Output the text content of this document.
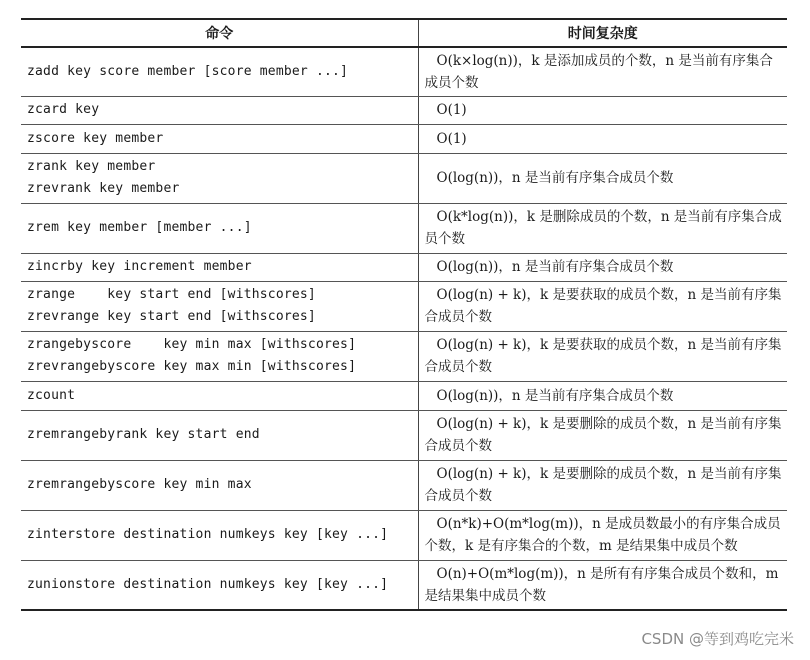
命令	时间复杂度
zadd key score member [score member ...]	O(k×log(n))，k 是添加成员的个数，n 是当前有序集合成员个数

zcard key	O(1)

zscore key member	O(1)

zrank key member
zrevrank key member	O(log(n))，n 是当前有序集合成员个数

zrem key member [member ...]	O(k*log(n))，k 是删除成员的个数，n 是当前有序集合成员个数

zincrby key increment member	O(log(n))，n 是当前有序集合成员个数

zrange    key start end [withscores]
zrevrange key start end [withscores]	O(log(n) + k)，k 是要获取的成员个数，n 是当前有序集合成员个数

zrangebyscore    key min max [withscores]
zrevrangebyscore key max min [withscores]	O(log(n) + k)，k 是要获取的成员个数，n 是当前有序集合成员个数

zcount	O(log(n))，n 是当前有序集合成员个数

zremrangebyrank key start end	O(log(n) + k)，k 是要删除的成员个数，n 是当前有序集合成员个数

zremrangebyscore key min max	O(log(n) + k)，k 是要删除的成员个数，n 是当前有序集合成员个数

zinterstore destination numkeys key [key ...]	O(n*k)+O(m*log(m))，n 是成员数最小的有序集合成员个数，k 是有序集合的个数，m 是结果集中成员个数

zunionstore destination numkeys key [key ...]	O(n)+O(m*log(m))，n 是所有有序集合成员个数和，m 是结果集中成员个数
CSDN @等到鸡吃完米
